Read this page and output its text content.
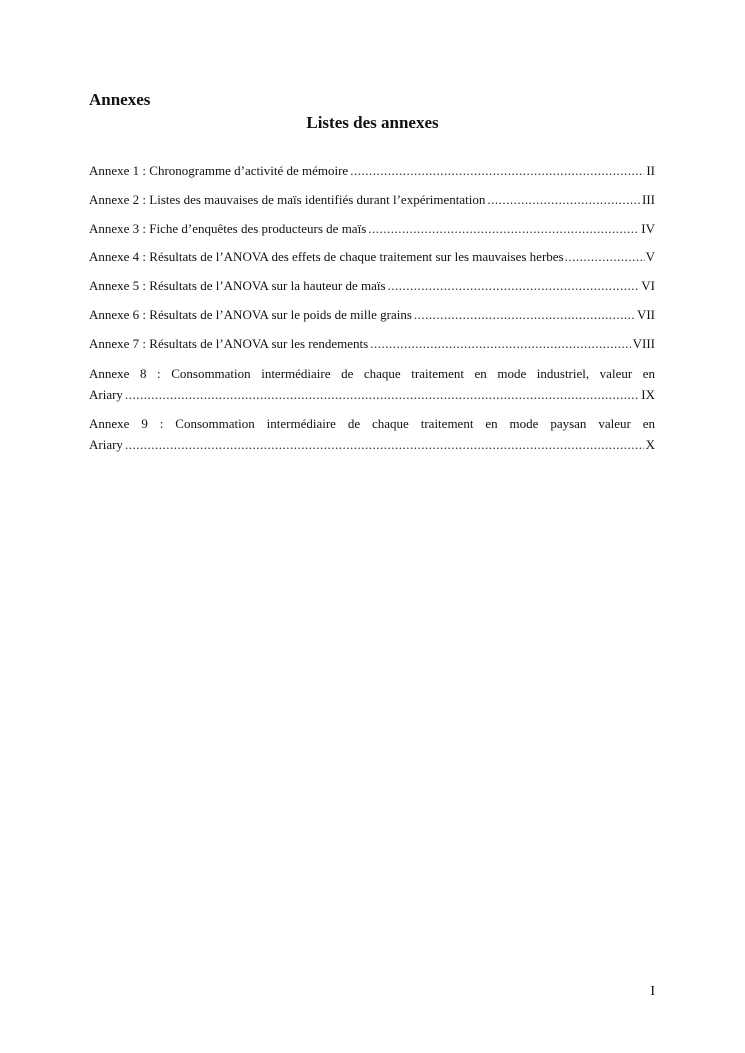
Annexes
Listes des annexes
Annexe 1 : Chronogramme d’activité de mémoire .....	II
Annexe 2 : Listes des mauvaises de maïs identifiés durant l’expérimentation .....	III
Annexe 3 : Fiche d’enquêtes des producteurs de maïs .....	IV
Annexe 4 : Résultats de l’ANOVA des effets de chaque traitement sur les mauvaises herbes .....	V
Annexe 5 : Résultats de l’ANOVA sur la hauteur de maïs .....	VI
Annexe 6 : Résultats de l’ANOVA sur le poids de mille grains .....	VII
Annexe 7 : Résultats de l’ANOVA sur les rendements .....	VIII
Annexe 8 : Consommation intermédiaire de chaque traitement en mode industriel, valeur en
Ariary .....	IX
Annexe 9 : Consommation intermédiaire de chaque traitement en mode paysan valeur en
Ariary .....	X
I
